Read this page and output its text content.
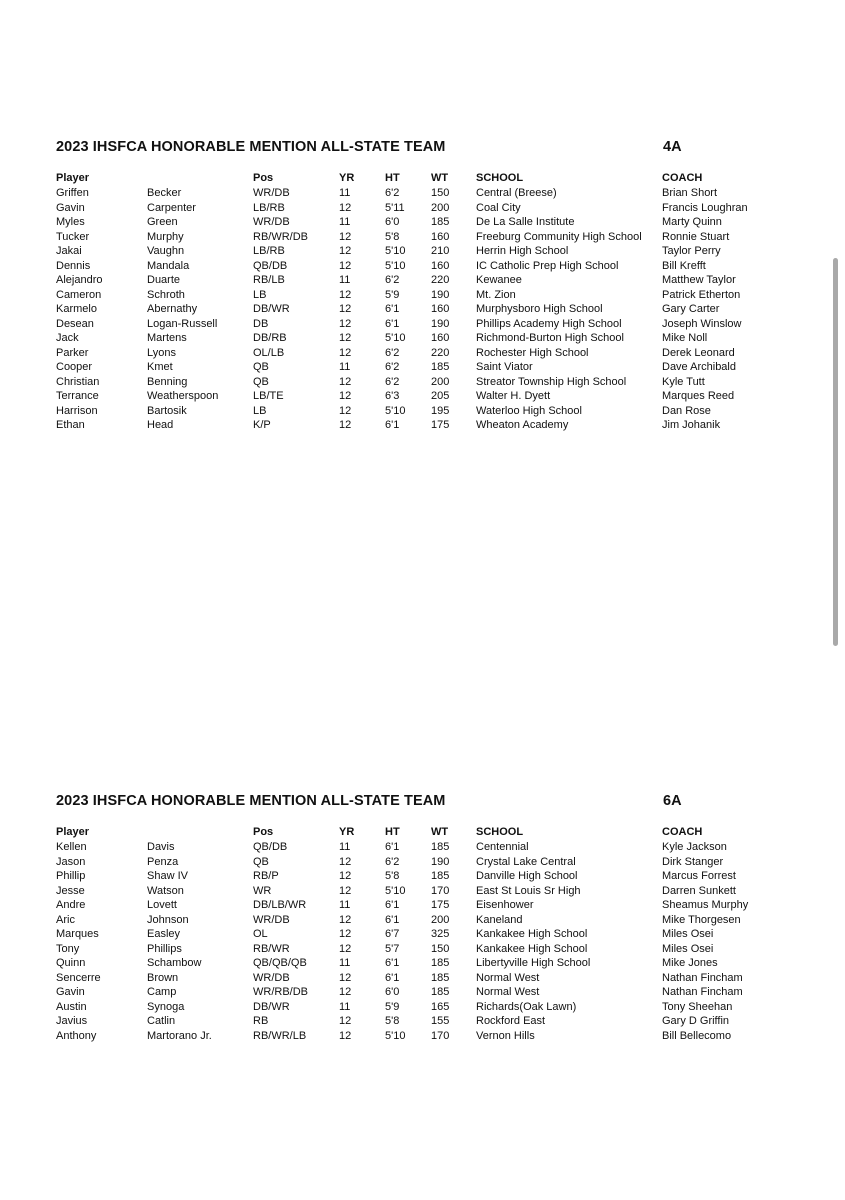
2023 IHSFCA HONORABLE MENTION ALL-STATE TEAM	4A
Player		Pos	YR	HT	WT	SCHOOL	COACH
Griffen	Becker	WR/DB	11	6'2	150	Central (Breese)	Brian Short
Gavin	Carpenter	LB/RB	12	5'11	200	Coal City	Francis Loughran
Myles	Green	WR/DB	11	6'0	185	De La Salle Institute	Marty Quinn
Tucker	Murphy	RB/WR/DB	12	5'8	160	Freeburg Community High School	Ronnie Stuart
Jakai	Vaughn	LB/RB	12	5'10	210	Herrin High School	Taylor Perry
Dennis	Mandala	QB/DB	12	5'10	160	IC Catholic Prep High School	Bill Krefft
Alejandro	Duarte	RB/LB	11	6'2	220	Kewanee	Matthew Taylor
Cameron	Schroth	LB	12	5'9	190	Mt. Zion	Patrick Etherton
Karmelo	Abernathy	DB/WR	12	6'1	160	Murphysboro High School	Gary Carter
Desean	Logan-Russell	DB	12	6'1	190	Phillips Academy High School	Joseph Winslow
Jack	Martens	DB/RB	12	5'10	160	Richmond-Burton High School	Mike Noll
Parker	Lyons	OL/LB	12	6'2	220	Rochester High School	Derek Leonard
Cooper	Kmet	QB	11	6'2	185	Saint Viator	Dave Archibald
Christian	Benning	QB	12	6'2	200	Streator Township High School	Kyle Tutt
Terrance	Weatherspoon	LB/TE	12	6'3	205	Walter H. Dyett	Marques Reed
Harrison	Bartosik	LB	12	5'10	195	Waterloo High School	Dan Rose
Ethan	Head	K/P	12	6'1	175	Wheaton Academy	Jim Johanik
2023 IHSFCA HONORABLE MENTION ALL-STATE TEAM	6A
Player		Pos	YR	HT	WT	SCHOOL	COACH
Kellen	Davis	QB/DB	11	6'1	185	Centennial	Kyle Jackson
Jason	Penza	QB	12	6'2	190	Crystal Lake Central	Dirk Stanger
Phillip	Shaw IV	RB/P	12	5'8	185	Danville High School	Marcus Forrest
Jesse	Watson	WR	12	5'10	170	East St Louis Sr High	Darren Sunkett
Andre	Lovett	DB/LB/WR	11	6'1	175	Eisenhower	Sheamus Murphy
Aric	Johnson	WR/DB	12	6'1	200	Kaneland	Mike Thorgesen
Marques	Easley	OL	12	6'7	325	Kankakee High School	Miles Osei
Tony	Phillips	RB/WR	12	5'7	150	Kankakee High School	Miles Osei
Quinn	Schambow	QB/QB/QB	11	6'1	185	Libertyville High School	Mike Jones
Sencerre	Brown	WR/DB	12	6'1	185	Normal West	Nathan Fincham
Gavin	Camp	WR/RB/DB	12	6'0	185	Normal West	Nathan Fincham
Austin	Synoga	DB/WR	11	5'9	165	Richards(Oak Lawn)	Tony Sheehan
Javius	Catlin	RB	12	5'8	155	Rockford East	Gary D Griffin
Anthony	Martorano Jr.	RB/WR/LB	12	5'10	170	Vernon Hills	Bill Bellecomo
